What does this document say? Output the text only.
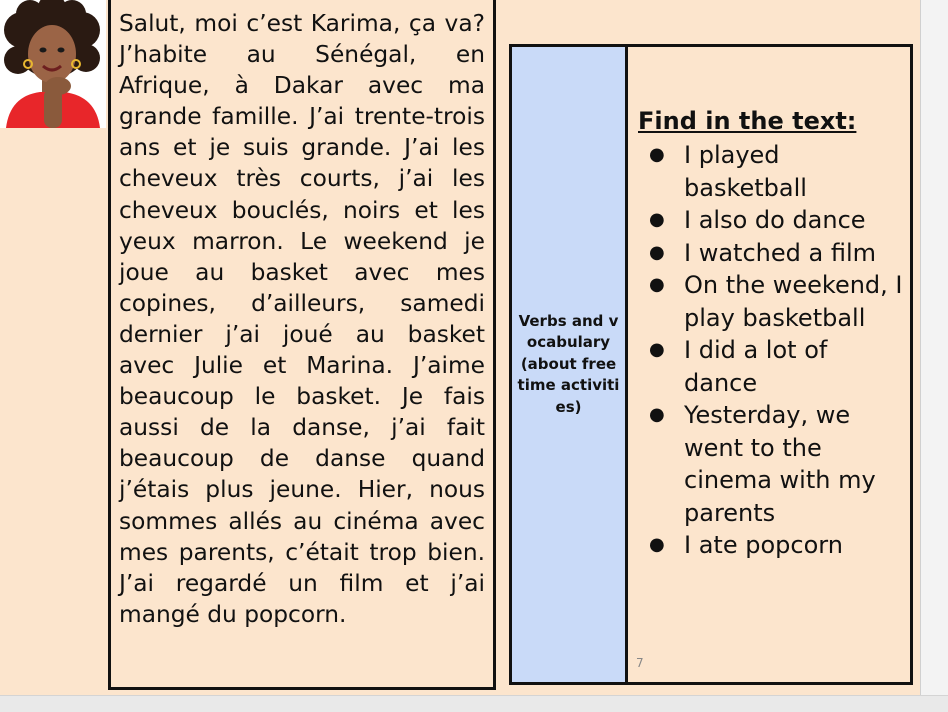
Salut, moi c’est Karima, ça va? J’habite au Sénégal, en Afrique, à Dakar avec ma grande famille. J’ai trente-trois ans et je suis grande. J’ai les cheveux très courts, j’ai les cheveux bouclés, noirs et les yeux marron. Le weekend je joue au basket avec mes copines, d’ailleurs, samedi dernier j’ai joué au basket avec Julie et Marina. J’aime beaucoup le basket. Je fais aussi de la danse, j’ai fait beaucoup de danse quand j’étais plus jeune. Hier, nous sommes allés au cinéma avec mes parents, c’était trop bien. J’ai regardé un film et j’ai mangé du popcorn.

Verbs and vocabulary (about free time activities)
Find in the text:
● I played basketball
● I also do dance
● I watched a film
● On the weekend, I play basketball
● I did a lot of dance
● Yesterday, we went to the cinema with my parents
● I ate popcorn
7
